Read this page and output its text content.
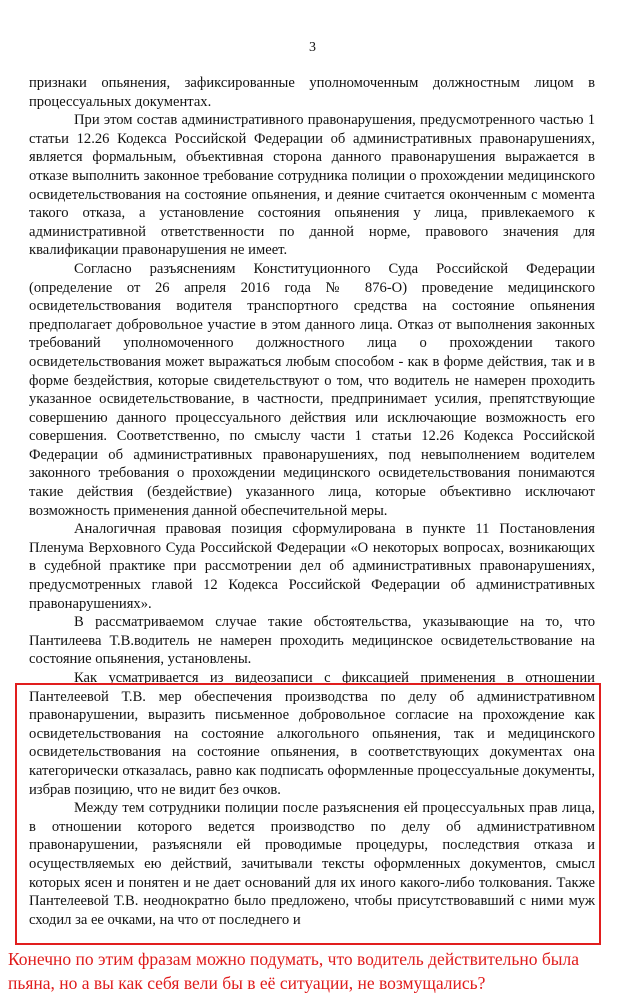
3

признаки опьянения, зафиксированные уполномоченным должностным лицом в процессуальных документах.

При этом состав административного правонарушения, предусмотренного частью 1 статьи 12.26 Кодекса Российской Федерации об административных правонарушениях, является формальным, объективная сторона данного правонарушения выражается в отказе выполнить законное требование сотрудника полиции о прохождении медицинского освидетельствования на состояние опьянения, и деяние считается оконченным с момента такого отказа, а установление состояния опьянения у лица, привлекаемого к административной ответственности по данной норме, правового значения для квалификации правонарушения не имеет.

Согласно разъяснениям Конституционного Суда Российской Федерации (определение от 26 апреля 2016 года № 876-О) проведение медицинского освидетельствования водителя транспортного средства на состояние опьянения предполагает добровольное участие в этом данного лица. Отказ от выполнения законных требований уполномоченного должностного лица о прохождении такого освидетельствования может выражаться любым способом - как в форме действия, так и в форме бездействия, которые свидетельствуют о том, что водитель не намерен проходить указанное освидетельствование, в частности, предпринимает усилия, препятствующие совершению данного процессуального действия или исключающие возможность его совершения. Соответственно, по смыслу части 1 статьи 12.26 Кодекса Российской Федерации об административных правонарушениях, под невыполнением водителем законного требования о прохождении медицинского освидетельствования понимаются такие действия (бездействие) указанного лица, которые объективно исключают возможность применения данной обеспечительной меры.

Аналогичная правовая позиция сформулирована в пункте 11 Постановления Пленума Верховного Суда Российской Федерации «О некоторых вопросах, возникающих в судебной практике при рассмотрении дел об административных правонарушениях, предусмотренных главой 12 Кодекса Российской Федерации об административных правонарушениях».

В рассматриваемом случае такие обстоятельства, указывающие на то, что Пантилеева Т.В.водитель не намерен проходить медицинское освидетельствование на состояние опьянения, установлены.

Как усматривается из видеозаписи с фиксацией применения в отношении Пантелеевой Т.В. мер обеспечения производства по делу об административном правонарушении, выразить письменное добровольное согласие на прохождение как освидетельствования на состояние алкогольного опьянения, так и медицинского освидетельствования на состояние опьянения, в соответствующих документах она категорически отказалась, равно как подписать оформленные процессуальные документы, избрав позицию, что не видит без очков.

Между тем сотрудники полиции после разъяснения ей процессуальных прав лица, в отношении которого ведется производство по делу об административном правонарушении, разъясняли ей проводимые процедуры, последствия отказа и осуществляемых ею действий, зачитывали тексты оформленных документов, смысл которых ясен и понятен и не дает оснований для их иного какого-либо толкования. Также Пантелеевой Т.В. неоднократно было предложено, чтобы присутствовавший с ними муж сходил за ее очками, на что от последнего и

Конечно по этим фразам можно подумать, что водитель действительно была пьяна, но а вы как себя вели бы в её ситуации, не возмущались?
